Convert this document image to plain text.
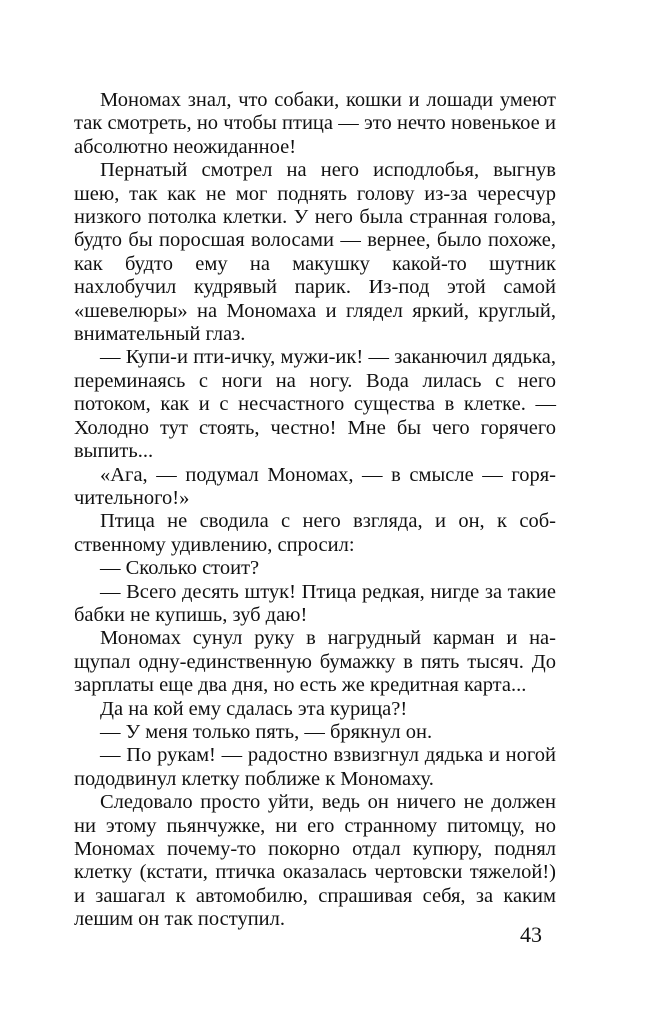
Мономах знал, что собаки, кошки и лошади умеют так смотреть, но чтобы птица — это нечто новенькое и абсолютно неожиданное!

Пернатый смотрел на него исподлобья, выгнув шею, так как не мог поднять голову из-за чересчур низкого потолка клетки. У него была странная голова, будто бы поросшая волосами — вернее, было похоже, как будто ему на макушку какой-то шутник нахлобучил кудрявый парик. Из-под этой самой «шевелюры» на Мономаха и глядел яркий, круглый, внимательный глаз.

— Купи-и пти-ичку, мужи-ик! — заканючил дядька, переминаясь с ноги на ногу. Вода лилась с него потоком, как и с несчастного существа в клетке. — Холодно тут стоять, честно! Мне бы чего горячего выпить...

«Ага, — подумал Мономах, — в смысле — горячительного!»

Птица не сводила с него взгляда, и он, к собственному удивлению, спросил:

— Сколько стоит?

— Всего десять штук! Птица редкая, нигде за такие бабки не купишь, зуб даю!

Мономах сунул руку в нагрудный карман и нащупал одну-единственную бумажку в пять тысяч. До зарплаты еще два дня, но есть же кредитная карта...

Да на кой ему сдалась эта курица?!

— У меня только пять, — брякнул он.

— По рукам! — радостно взвизгнул дядька и ногой пододвинул клетку поближе к Мономаху.

Следовало просто уйти, ведь он ничего не должен ни этому пьянчужке, ни его странному питомцу, но Мономах почему-то покорно отдал купюру, поднял клетку (кстати, птичка оказалась чертовски тяжелой!) и зашагал к автомобилю, спрашивая себя, за каким лешим он так поступил.

43
